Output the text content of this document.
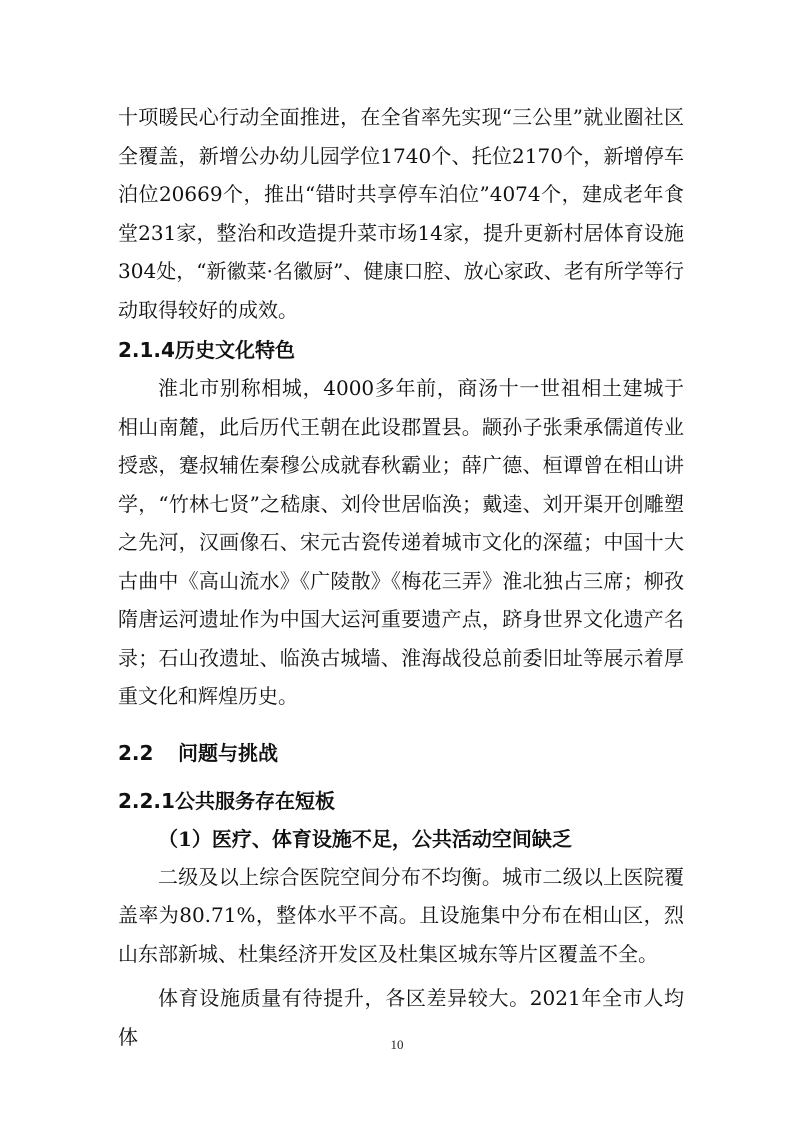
十项暖民心行动全面推进，在全省率先实现“三公里”就业圈社区全覆盖，新增公办幼儿园学位1740个、托位2170个，新增停车泊位20669个，推出“错时共享停车泊位”4074个，建成老年食堂231家，整治和改造提升菜市场14家，提升更新村居体育设施304处，“新徽菜·名徽厨”、健康口腔、放心家政、老有所学等行动取得较好的成效。

2.1.4历史文化特色

淮北市别称相城，4000多年前，商汤十一世祖相土建城于相山南麓，此后历代王朝在此设郡置县。颛孙子张秉承儒道传业授惑，蹇叔辅佐秦穆公成就春秋霸业；薛广德、桓谭曾在相山讲学，“竹林七贤”之嵇康、刘伶世居临涣；戴逵、刘开渠开创雕塑之先河，汉画像石、宋元古瓷传递着城市文化的深蕴；中国十大古曲中《高山流水》《广陵散》《梅花三弄》淮北独占三席；柳孜隋唐运河遗址作为中国大运河重要遗产点，跻身世界文化遗产名录；石山孜遗址、临涣古城墙、淮海战役总前委旧址等展示着厚重文化和辉煌历史。

2.2 问题与挑战
2.2.1公共服务存在短板
（1）医疗、体育设施不足，公共活动空间缺乏

二级及以上综合医院空间分布不均衡。城市二级以上医院覆盖率为80.71%，整体水平不高。且设施集中分布在相山区，烈山东部新城、杜集经济开发区及杜集区城东等片区覆盖不全。

体育设施质量有待提升，各区差异较大。2021年全市人均体	10
